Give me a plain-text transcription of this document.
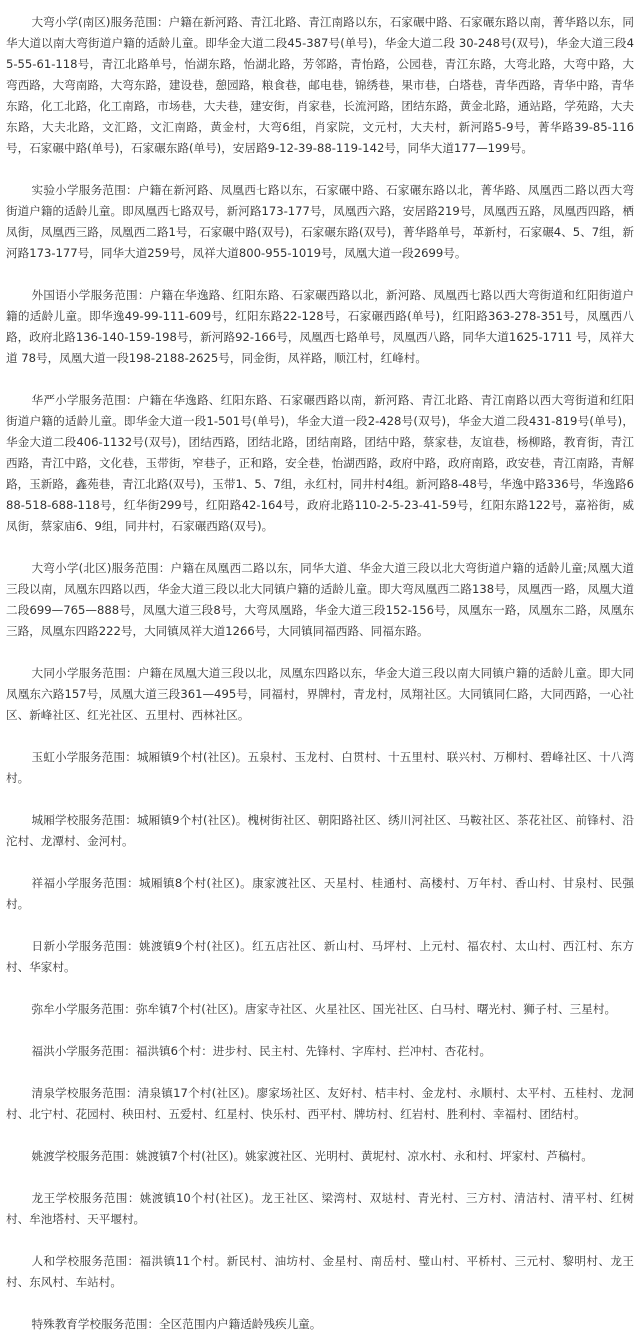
大弯小学(南区)服务范围：户籍在新河路、青江北路、青江南路以东，石家碾中路、石家碾东路以南，菁华路以东，同华大道以南大弯街道户籍的适龄儿童。即华金大道二段45-387号(单号)，华金大道二段 30-248号(双号)，华金大道三段45-55-61-118号，青江北路单号，怡湖东路，怡湖北路，芳邻路，青怡路，公园巷，青江东路，大弯北路，大弯中路，大弯西路，大弯南路，大弯东路，建设巷，憩园路，粮食巷，邮电巷，锦绣巷，果市巷，白塔巷，青华西路，青华中路，青华东路，化工北路，化工南路，市场巷，大夫巷，建安街，肖家巷，长流河路，团结东路，黄金北路，通站路，学苑路，大夫东路，大夫北路，文汇路，文汇南路，黄金村，大弯6组，肖家院，文元村，大夫村，新河路5-9号，菁华路39-85-116号，石家碾中路(单号)，石家碾东路(单号)，安居路9-12-39-88-119-142号，同华大道177—199号。

实验小学服务范围：户籍在新河路、凤凰西七路以东，石家碾中路、石家碾东路以北，菁华路、凤凰西二路以西大弯街道户籍的适龄儿童。即凤凰西七路双号，新河路173-177号，凤凰西六路，安居路219号，凤凰西五路，凤凰西四路，栖凤街，凤凰西三路，凤凰西二路1号，石家碾中路(双号)，石家碾东路(双号)，菁华路单号，革新村，石家碾4、5、7组，新河路173-177号，同华大道259号，凤祥大道800-955-1019号，凤凰大道一段2699号。

外国语小学服务范围：户籍在华逸路、红阳东路、石家碾西路以北，新河路、凤凰西七路以西大弯街道和红阳街道户籍的适龄儿童。即华逸49-99-111-609号，红阳东路22-128号，石家碾西路(单号)，红阳路363-278-351号，凤凰西八路，政府北路136-140-159-198号，新河路92-166号，凤凰西七路单号，凤凰西八路，同华大道1625-1711 号，凤祥大道 78号，凤凰大道一段198-2188-2625号，同金街，凤祥路，顺江村，红峰村。

华严小学服务范围：户籍在华逸路、红阳东路、石家碾西路以南，新河路、青江北路、青江南路以西大弯街道和红阳街道户籍的适龄儿童。即华金大道一段1-501号(单号)，华金大道一段2-428号(双号)，华金大道二段431-819号(单号)，华金大道二段406-1132号(双号)，团结西路，团结北路，团结南路，团结中路，蔡家巷，友谊巷，杨柳路，教育街，青江西路，青江中路，文化巷，玉带街，窄巷子，正和路，安全巷，怡湖西路，政府中路，政府南路，政安巷，青江南路，青解路，玉新路，鑫苑巷，青江北路(双号)，玉带1、5、7组，永红村，同井村4组。新河路8-48号，华逸中路336号，华逸路688-518-688-118号，红华街299号，红阳路42-164号，政府北路110-2-5-23-41-59号，红阳东路122号，嘉裕街，威凤街，蔡家庙6、9组，同井村，石家碾西路(双号)。

大弯小学(北区)服务范围：户籍在凤凰西二路以东，同华大道、华金大道三段以北大弯街道户籍的适龄儿童;凤凰大道三段以南，凤凰东四路以西，华金大道三段以北大同镇户籍的适龄儿童。即大弯凤凰西二路138号，凤凰西一路，凤凰大道二段699—765—888号，凤凰大道三段8号，大弯凤凰路，华金大道三段152-156号，凤凰东一路，凤凰东二路，凤凰东三路，凤凰东四路222号，大同镇凤祥大道1266号，大同镇同福西路、同福东路。

大同小学服务范围：户籍在凤凰大道三段以北，凤凰东四路以东，华金大道三段以南大同镇户籍的适龄儿童。即大同凤凰东六路157号，凤凰大道三段361—495号，同福村，界牌村，青龙村，凤翔社区。大同镇同仁路，大同西路，一心社区、新峰社区、红光社区、五里村、西林社区。

玉虹小学服务范围：城厢镇9个村(社区)。五泉村、玉龙村、白贯村、十五里村、联兴村、万柳村、碧峰社区、十八湾村。

城厢学校服务范围：城厢镇9个村(社区)。槐树街社区、朝阳路社区、绣川河社区、马鞍社区、茶花社区、前锋村、沿沱村、龙潭村、金河村。

祥福小学服务范围：城厢镇8个村(社区)。康家渡社区、天星村、桂通村、高楼村、万年村、香山村、甘泉村、民强村。

日新小学服务范围：姚渡镇9个村(社区)。红五店社区、新山村、马坪村、上元村、福农村、太山村、西江村、东方村、华家村。

弥牟小学服务范围：弥牟镇7个村(社区)。唐家寺社区、火星社区、国光社区、白马村、曙光村、狮子村、三星村。

福洪小学服务范围：福洪镇6个村：进步村、民主村、先锋村、字库村、拦冲村、杏花村。

清泉学校服务范围：清泉镇17个村(社区)。廖家场社区、友好村、桔丰村、金龙村、永顺村、太平村、五桂村、龙洞村、北宁村、花园村、秧田村、五爱村、红星村、快乐村、西平村、牌坊村、红岩村、胜利村、幸福村、团结村。

姚渡学校服务范围：姚渡镇7个村(社区)。姚家渡社区、光明村、黄坭村、凉水村、永和村、坪家村、芦稿村。

龙王学校服务范围：姚渡镇10个村(社区)。龙王社区、梁湾村、双垯村、青光村、三方村、清洁村、清平村、红树村、牟池塔村、天平堰村。

人和学校服务范围：福洪镇11个村。新民村、油坊村、金星村、南岳村、璧山村、平桥村、三元村、黎明村、龙王村、东风村、车站村。

特殊教育学校服务范围：全区范围内户籍适龄残疾儿童。
